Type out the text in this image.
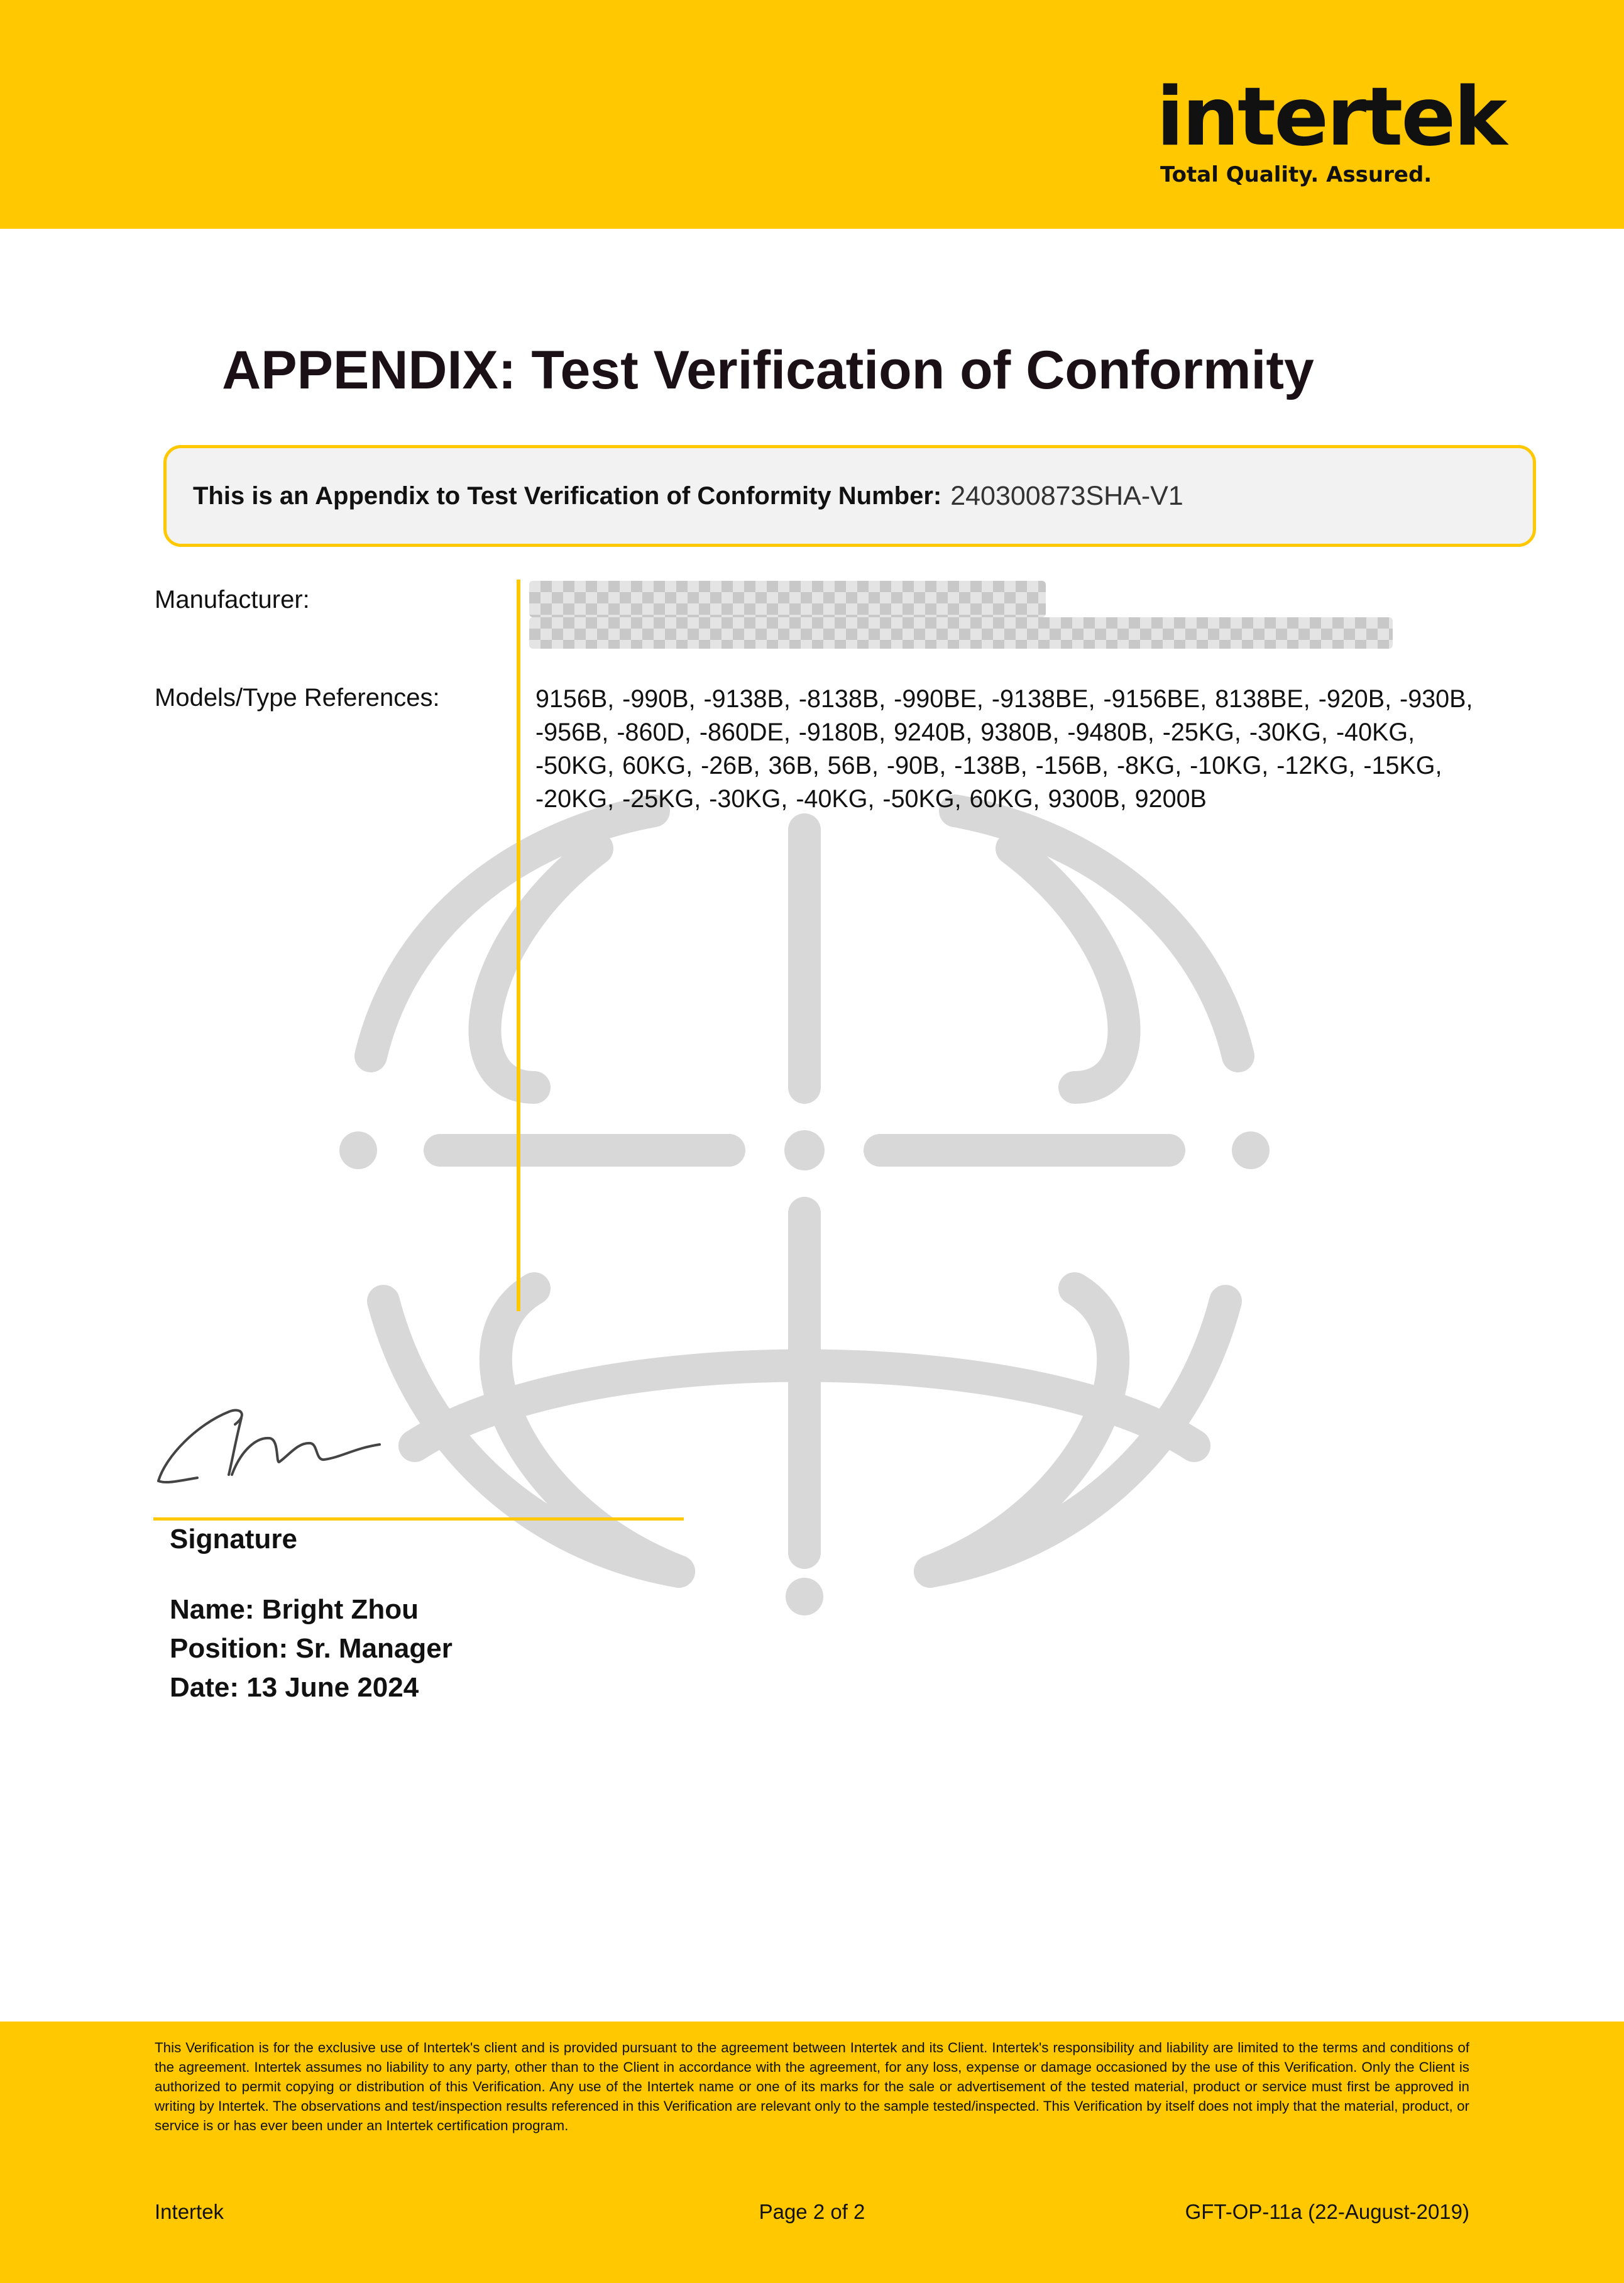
intertek
Total Quality. Assured.
APPENDIX: Test Verification of Conformity
This is an Appendix to Test Verification of Conformity Number: 240300873SHA-V1
Manufacturer:
Models/Type References:	9156B, -990B, -9138B, -8138B, -990BE, -9138BE, -9156BE, 8138BE, -920B, -930B, -956B, -860D, -860DE, -9180B, 9240B, 9380B, -9480B, -25KG, -30KG, -40KG, -50KG, 60KG, -26B, 36B, 56B, -90B, -138B, -156B, -8KG, -10KG, -12KG, -15KG, -20KG, -25KG, -30KG, -40KG, -50KG, 60KG, 9300B, 9200B
Signature
Name: Bright Zhou
Position: Sr. Manager
Date: 13 June 2024
This Verification is for the exclusive use of Intertek's client and is provided pursuant to the agreement between Intertek and its Client. Intertek's responsibility and liability are limited to the terms and conditions of the agreement. Intertek assumes no liability to any party, other than to the Client in accordance with the agreement, for any loss, expense or damage occasioned by the use of this Verification. Only the Client is authorized to permit copying or distribution of this Verification. Any use of the Intertek name or one of its marks for the sale or advertisement of the tested material, product or service must first be approved in writing by Intertek. The observations and test/inspection results referenced in this Verification are relevant only to the sample tested/inspected. This Verification by itself does not imply that the material, product, or service is or has ever been under an Intertek certification program.
Intertek	Page 2 of 2	GFT-OP-11a (22-August-2019)
